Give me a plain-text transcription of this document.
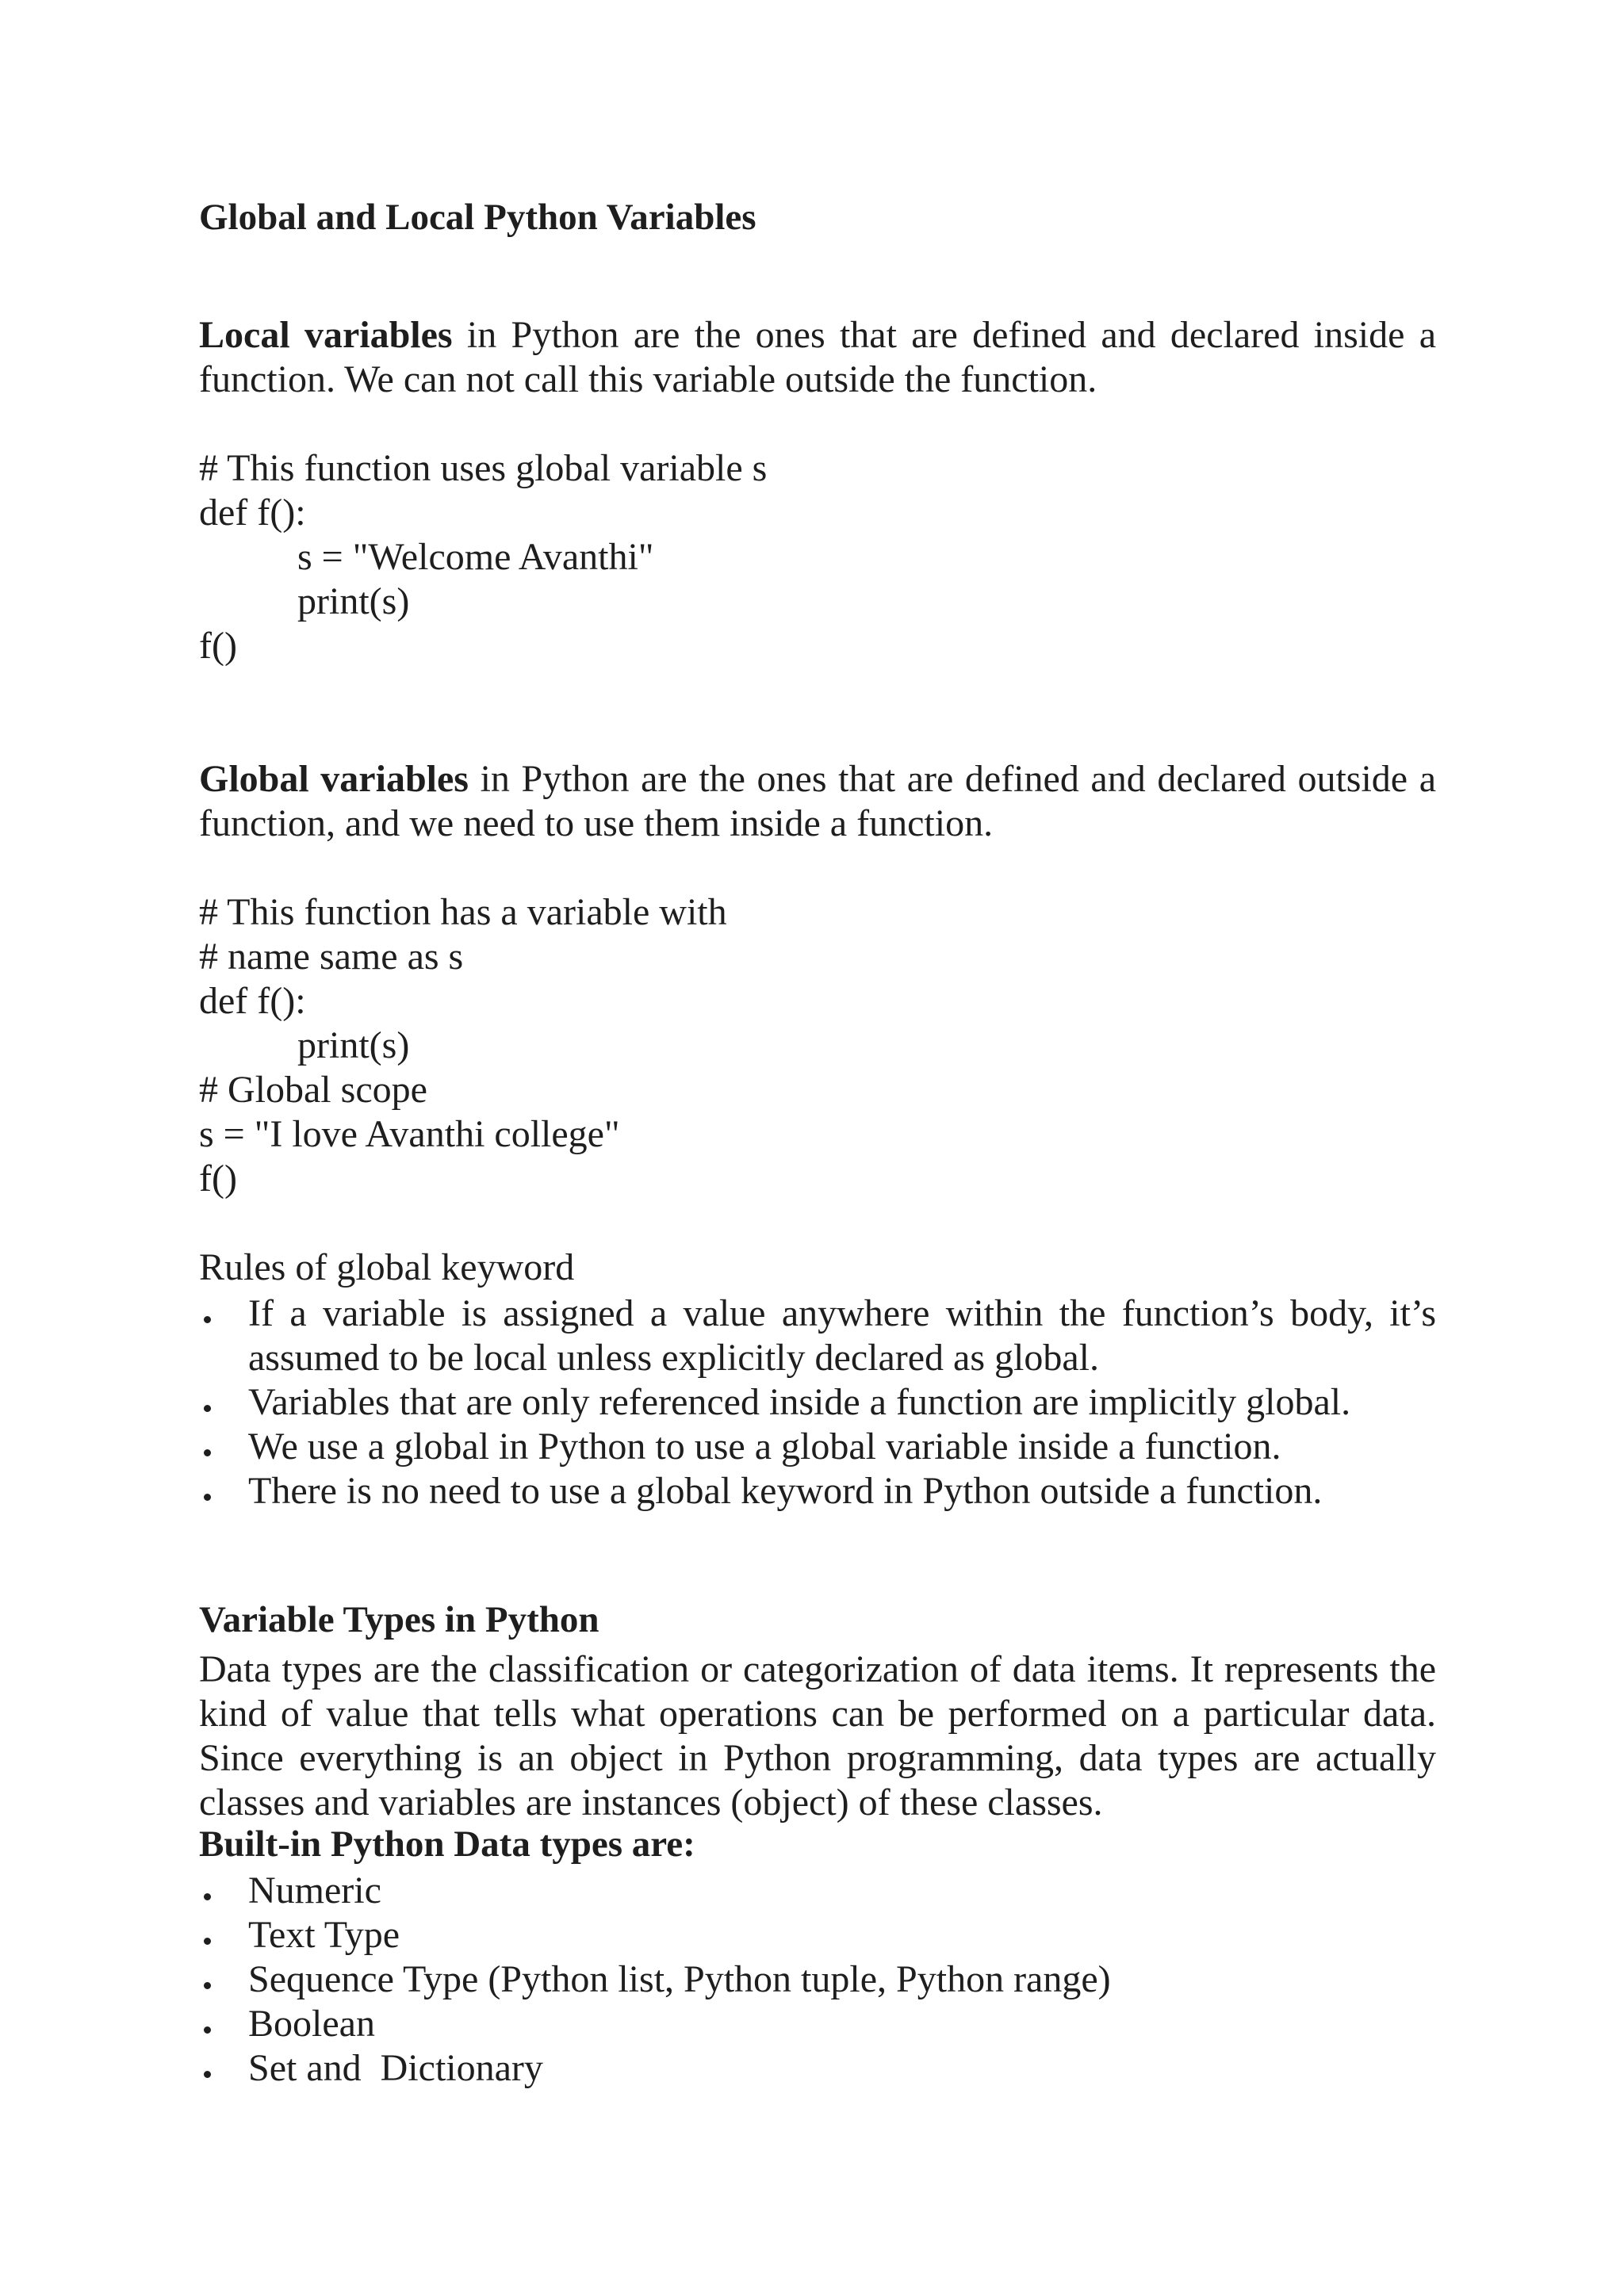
Global and Local Python Variables
Local variables in Python are the ones that are defined and declared inside a
function. We can not call this variable outside the function.
# This function uses global variable s
def f():
s = "Welcome Avanthi"
print(s)
f()
Global variables in Python are the ones that are defined and declared outside a
function, and we need to use them inside a function.
# This function has a variable with
# name same as s
def f():
print(s)
# Global scope
s = "I love Avanthi college"
f()
Rules of global keyword
If a variable is assigned a value anywhere within the function’s body, it’s
assumed to be local unless explicitly declared as global.
Variables that are only referenced inside a function are implicitly global.
We use a global in Python to use a global variable inside a function.
There is no need to use a global keyword in Python outside a function.
Variable Types in Python
Data types are the classification or categorization of data items. It represents the
kind of value that tells what operations can be performed on a particular data.
Since everything is an object in Python programming, data types are actually
classes and variables are instances (object) of these classes.
Built-in Python Data types are:
Numeric
Text Type
Sequence Type (Python list, Python tuple, Python range)
Boolean
Set and  Dictionary
